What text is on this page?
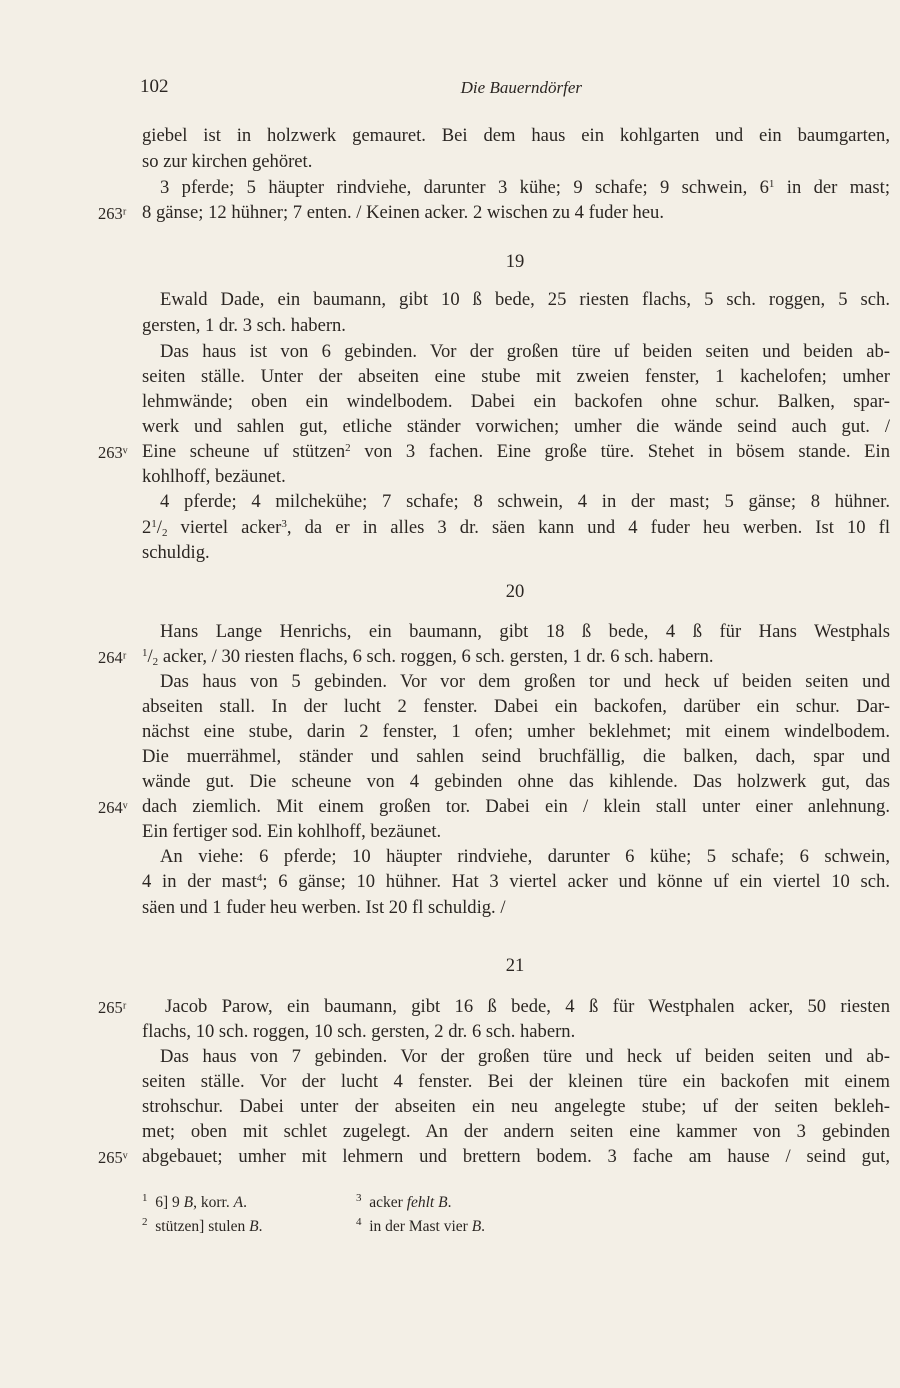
102	Die Bauerndörfer
giebel ist in holzwerk gemauret. Bei dem haus ein kohlgarten und ein baumgarten,
so zur kirchen gehöret.
3 pferde; 5 häupter rindviehe, darunter 3 kühe; 9 schafe; 9 schwein, $6^1$ in der mast;
263ʳ 8 gänse; 12 hühner; 7 enten. / Keinen acker. 2 wischen zu 4 fuder heu.
19
Ewald Dade, ein baumann, gibt 10 ß bede, 25 riesten flachs, 5 sch. roggen, 5 sch.
gersten, 1 dr. 3 sch. habern.
Das haus ist von 6 gebinden. Vor der großen türe uf beiden seiten und beiden ab-
seiten ställe. Unter der abseiten eine stube mit zweien fenster, 1 kachelofen; umher
lehmwände; oben ein windelbodem. Dabei ein backofen ohne schur. Balken, spar-
werk und sahlen gut, etliche ständer vorwichen; umher die wände seind auch gut. /
263ᵛ Eine scheune uf stützen$^2$ von 3 fachen. Eine große türe. Stehet in bösem stande. Ein
kohlhoff, bezäunet.
4 pferde; 4 milchekühe; 7 schafe; 8 schwein, 4 in der mast; 5 gänse; 8 hühner.
$2^1/_2$ viertel acker$^3$, da er in alles 3 dr. säen kann und 4 fuder heu werben. Ist 10 fl
schuldig.
20
Hans Lange Henrichs, ein baumann, gibt 18 ß bede, 4 ß für Hans Westphals
264ʳ	$^1/_2$ acker, / 30 riesten flachs, 6 sch. roggen, 6 sch. gersten, 1 dr. 6 sch. habern.
Das haus von 5 gebinden. Vor vor dem großen tor und heck uf beiden seiten und
abseiten stall. In der lucht 2 fenster. Dabei ein backofen, darüber ein schur. Dar-
nächst eine stube, darin 2 fenster, 1 ofen; umher beklehmet; mit einem windelbodem.
Die muerrähmel, ständer und sahlen seind bruchfällig, die balken, dach, spar und
wände gut. Die scheune von 4 gebinden ohne das kihlende. Das holzwerk gut, das
264ᵛ dach ziemlich. Mit einem großen tor. Dabei ein / klein stall unter einer anlehnung.
Ein fertiger sod. Ein kohlhoff, bezäunet.
An viehe: 6 pferde; 10 häupter rindviehe, darunter 6 kühe; 5 schafe; 6 schwein,
4 in der mast$^4$; 6 gänse; 10 hühner. Hat 3 viertel acker und könne uf ein viertel 10 sch.
säen und 1 fuder heu werben. Ist 20 fl schuldig. /
21
265ʳ	Jacob Parow, ein baumann, gibt 16 ß bede, 4 ß für Westphalen acker, 50 riesten
flachs, 10 sch. roggen, 10 sch. gersten, 2 dr. 6 sch. habern.
Das haus von 7 gebinden. Vor der großen türe und heck uf beiden seiten und ab-
seiten ställe. Vor der lucht 4 fenster. Bei der kleinen türe ein backofen mit einem
strohschur. Dabei unter der abseiten ein neu angelegte stube; uf der seiten bekleh-
met; oben mit schlet zugelegt. An der andern seiten eine kammer von 3 gebinden
265ᵛ abgebauet; umher mit lehmern und brettern bodem. 3 fache am hause / seind gut,
$^1$ 6] 9 B, korr. A.
$^2$ stützen] stulen B.
$^3$ acker fehlt B.
$^4$ in der Mast vier B.
